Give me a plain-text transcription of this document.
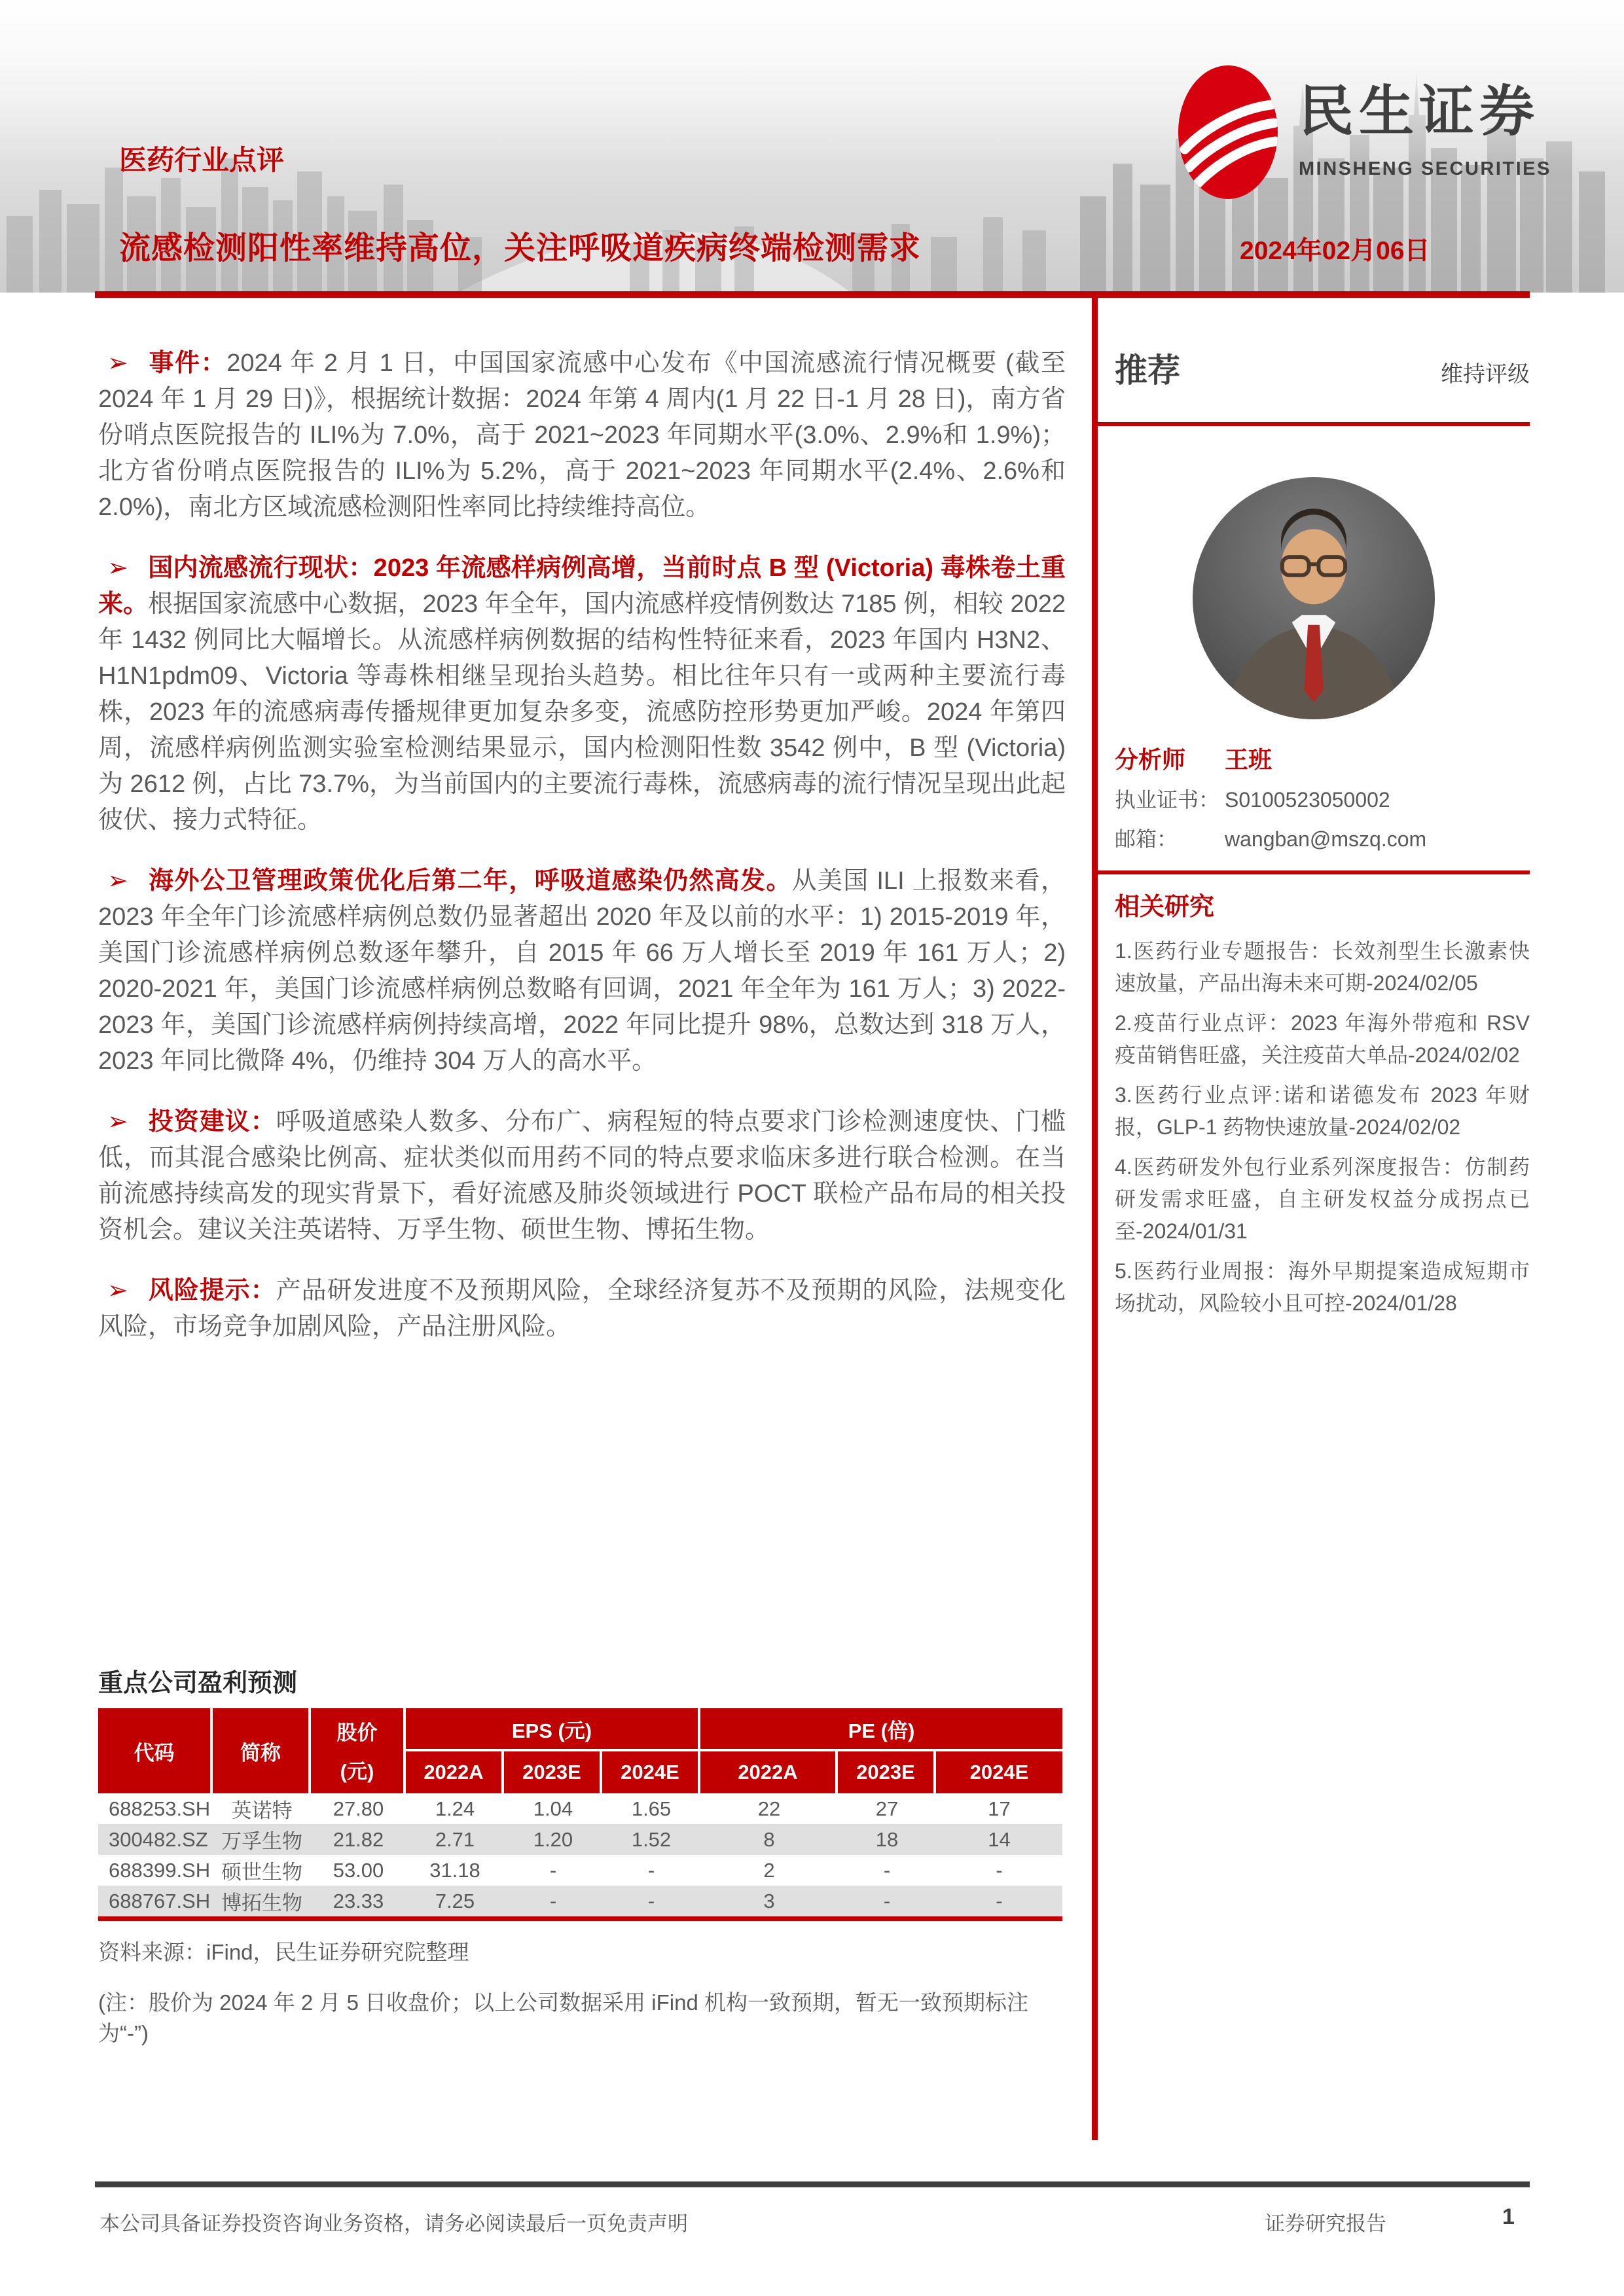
医药行业点评
流感检测阳性率维持高位，关注呼吸道疾病终端检测需求	2024年02月06日
民生证券
MINSHENG SECURITIES

➢ 事件：2024 年 2 月 1 日，中国国家流感中心发布《中国流感流行情况概要 (截至 2024 年 1 月 29 日)》，根据统计数据：2024 年第 4 周内(1 月 22 日-1 月 28 日)，南方省份哨点医院报告的 ILI%为 7.0%，高于 2021~2023 年同期水平(3.0%、2.9%和 1.9%)；北方省份哨点医院报告的 ILI%为 5.2%，高于 2021~2023 年同期水平(2.4%、2.6%和 2.0%)，南北方区域流感检测阳性率同比持续维持高位。

➢ 国内流感流行现状：2023 年流感样病例高增，当前时点 B 型 (Victoria) 毒株卷土重来。根据国家流感中心数据，2023 年全年，国内流感样疫情例数达 7185 例，相较 2022 年 1432 例同比大幅增长。从流感样病例数据的结构性特征来看，2023 年国内 H3N2、H1N1pdm09、Victoria 等毒株相继呈现抬头趋势。相比往年只有一或两种主要流行毒株，2023 年的流感病毒传播规律更加复杂多变，流感防控形势更加严峻。2024 年第四周，流感样病例监测实验室检测结果显示，国内检测阳性数 3542 例中，B 型 (Victoria) 为 2612 例，占比 73.7%，为当前国内的主要流行毒株，流感病毒的流行情况呈现出此起彼伏、接力式特征。

➢ 海外公卫管理政策优化后第二年，呼吸道感染仍然高发。从美国 ILI 上报数来看，2023 年全年门诊流感样病例总数仍显著超出 2020 年及以前的水平：1) 2015-2019 年，美国门诊流感样病例总数逐年攀升，自 2015 年 66 万人增长至 2019 年 161 万人；2) 2020-2021 年，美国门诊流感样病例总数略有回调，2021 年全年为 161 万人；3) 2022-2023 年，美国门诊流感样病例持续高增，2022 年同比提升 98%，总数达到 318 万人，2023 年同比微降 4%，仍维持 304 万人的高水平。

➢ 投资建议：呼吸道感染人数多、分布广、病程短的特点要求门诊检测速度快、门槛低，而其混合感染比例高、症状类似而用药不同的特点要求临床多进行联合检测。在当前流感持续高发的现实背景下，看好流感及肺炎领域进行 POCT 联检产品布局的相关投资机会。建议关注英诺特、万孚生物、硕世生物、博拓生物。

➢ 风险提示：产品研发进度不及预期风险，全球经济复苏不及预期的风险，法规变化风险，市场竞争加剧风险，产品注册风险。

推荐	维持评级
分析师	王班
执业证书： S0100523050002
邮箱：	wangban@mszq.com
相关研究
1.医药行业专题报告：长效剂型生长激素快速放量，产品出海未来可期-2024/02/05
2.疫苗行业点评：2023 年海外带疱和 RSV 疫苗销售旺盛，关注疫苗大单品-2024/02/02
3.医药行业点评:诺和诺德发布 2023 年财报，GLP-1 药物快速放量-2024/02/02
4.医药研发外包行业系列深度报告：仿制药研发需求旺盛，自主研发权益分成拐点已至-2024/01/31
5.医药行业周报：海外早期提案造成短期市场扰动，风险较小且可控-2024/01/28
重点公司盈利预测
代码	简称
股价
(元)
EPS (元)	PE (倍)
2022A	2023E	2024E	2022A	2023E	2024E
688253.SH	英诺特	27.80	1.24	1.04	1.65	22	27	17
300482.SZ 万孚生物	21.82	2.71	1.20	1.52	8	18	14
688399.SH 硕世生物	53.00	31.18	-	-	2	-	-
688767.SH 博拓生物	23.33	7.25	-	-	3	-	-
资料来源：iFind，民生证券研究院整理
(注：股价为 2024 年 2 月 5 日收盘价；以上公司数据采用 iFind 机构一致预期，暂无一致预期标注为“-”)
本公司具备证券投资咨询业务资格，请务必阅读最后一页免责声明	证券研究报告	1
